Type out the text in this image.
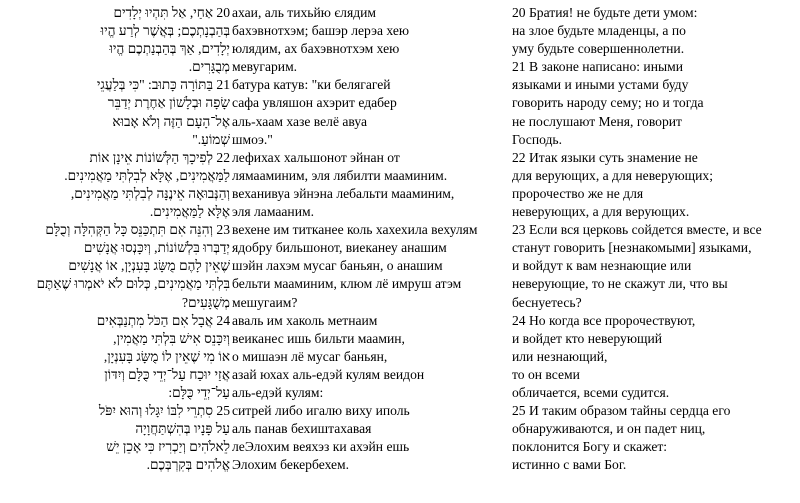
20 אַחַי, אַל תִּהְיוּ יְלָדִים
בְּהַבְנָתְכֶם; בְּאֲשֶׁר לְרַע הֱיוּ
יְלָדִים, אַךְ בְּהַבְנַתְכֶם הֱיוּ
מְבֻגָּרִים.
21 בַּתּוֹרָה כָּתוּב: "כִּי בְּלַעֲגֵי
שָׂפָה וּבְלָשׁוֹן אַחֶרֶת יְדַבֵּר
אֶל־הָעָם הַזֶּה וְלֹא אָבוּא
שְׁמוֹעַ."
22 לְפִיכָךְ הַלְּשׁוֹנוֹת אֵינָן אוֹת
לַמַּאֲמִינִים, אֶלָּא לְבִלְתִּי מַאֲמִינִים.
וְהַנְּבוּאָה אֵינֶנָּה לְבִלְתִּי מַאֲמִינִים,
אֶלָּא לַמַּאֲמִינִים.
23 וְהִנֵּה אִם תִּתְכַּנֵּס כָּל הַקְּהִלָּה וְכֻלָּם
יְדַבְּרוּ בִּלְשׁוֹנוֹת, וְיִכָּנְסוּ אֲנָשִׁים
שֶׁאֵין לָהֶם מֻשָּׂג בָּעִנְיָן, אוֹ אֲנָשִׁים
בִּלְתִּי מַאֲמִינִים, כְּלוּם לֹא יֹאמְרוּ שֶׁאַתֶּם
מְשֻׁגָּעִים?
24 אֲבָל אִם הַכֹּל מִתְנַבְּאִים
וְיִכָּנֵס אִישׁ בִּלְתִּי מַאֲמִין,
אוֹ מִי שֶׁאֵין לוֹ מֻשָּׂג בָּעִנְיָן,
אֲזַי יוּכַח עַל־יְדֵי כֻּלָּם וְיִדּוֹן
עַל־יְדֵי כֻּלָּם:
25 סִתְרֵי לִבּוֹ יִגָּלוּ וְהוּא יִפֹּל
עַל פָּנָיו בְּהִשְׁתַּחֲוָיָה
לֵאלֹהִים וְיַכְרִיז כִּי אָכֵן יֵשׁ
אֱלֹהִים בְּקִרְבְּכֶם.
ахаи, аль тихьйю єлядим
бахэвнотхэм; башэр лерэа хею
юлядим, ах бахэвнотхэм хею
мевугарим.
батура катув: "ки белягагей
сафа увляшон ахэрит едабер
аль-хаам хазе велё авуа
шмоэ."
лефихах хальшонот эйнан от
лямааминим, эля лябилти мааминим.
веханивуа эйнэна лебальти мааминим,
эля ламааним.
вехене им титканее коль хахехила вехулям
ядобру бильшонот, виеканеу анашим
шэйн лахэм мусаг баньян, о анашим
бельти мааминим, клюм лё имруш атэм
мешугаим?
аваль им хаколь метнаим
веиканес ишь бильти маамин,
о мишаэн лё мусаг баньян,
азай юхах аль-едэй кулям веидон
аль-едэй кулям:
ситрей либо игалю виху иполь
аль панав бехиштахавая
леЭлохим веяхэз ки ахэйн ешь
Элохим бекербехем.
20 Братия! не будьте дети умом:
на злое будьте младенцы, а по
уму будьте совершеннолетни.
21 В законе написано: иными
языками и иными устами буду
говорить народу сему; но и тогда
не послушают Меня, говорит
Господь.
22 Итак языки суть знамение не
для верующих, а для неверующих;
пророчество же не для
неверующих, а для верующих.
23 Если вся церковь сойдется вместе, и все
станут говорить [незнакомыми] языками,
и войдут к вам незнающие или
неверующие, то не скажут ли, что вы
беснуетесь?
24 Но когда все пророчествуют,
и войдет кто неверующий
или незнающий,
то он всеми
обличается, всеми судится.
25 И таким образом тайны сердца его
обнаруживаются, и он падет ниц,
поклонится Богу и скажет:
истинно с вами Бог.
